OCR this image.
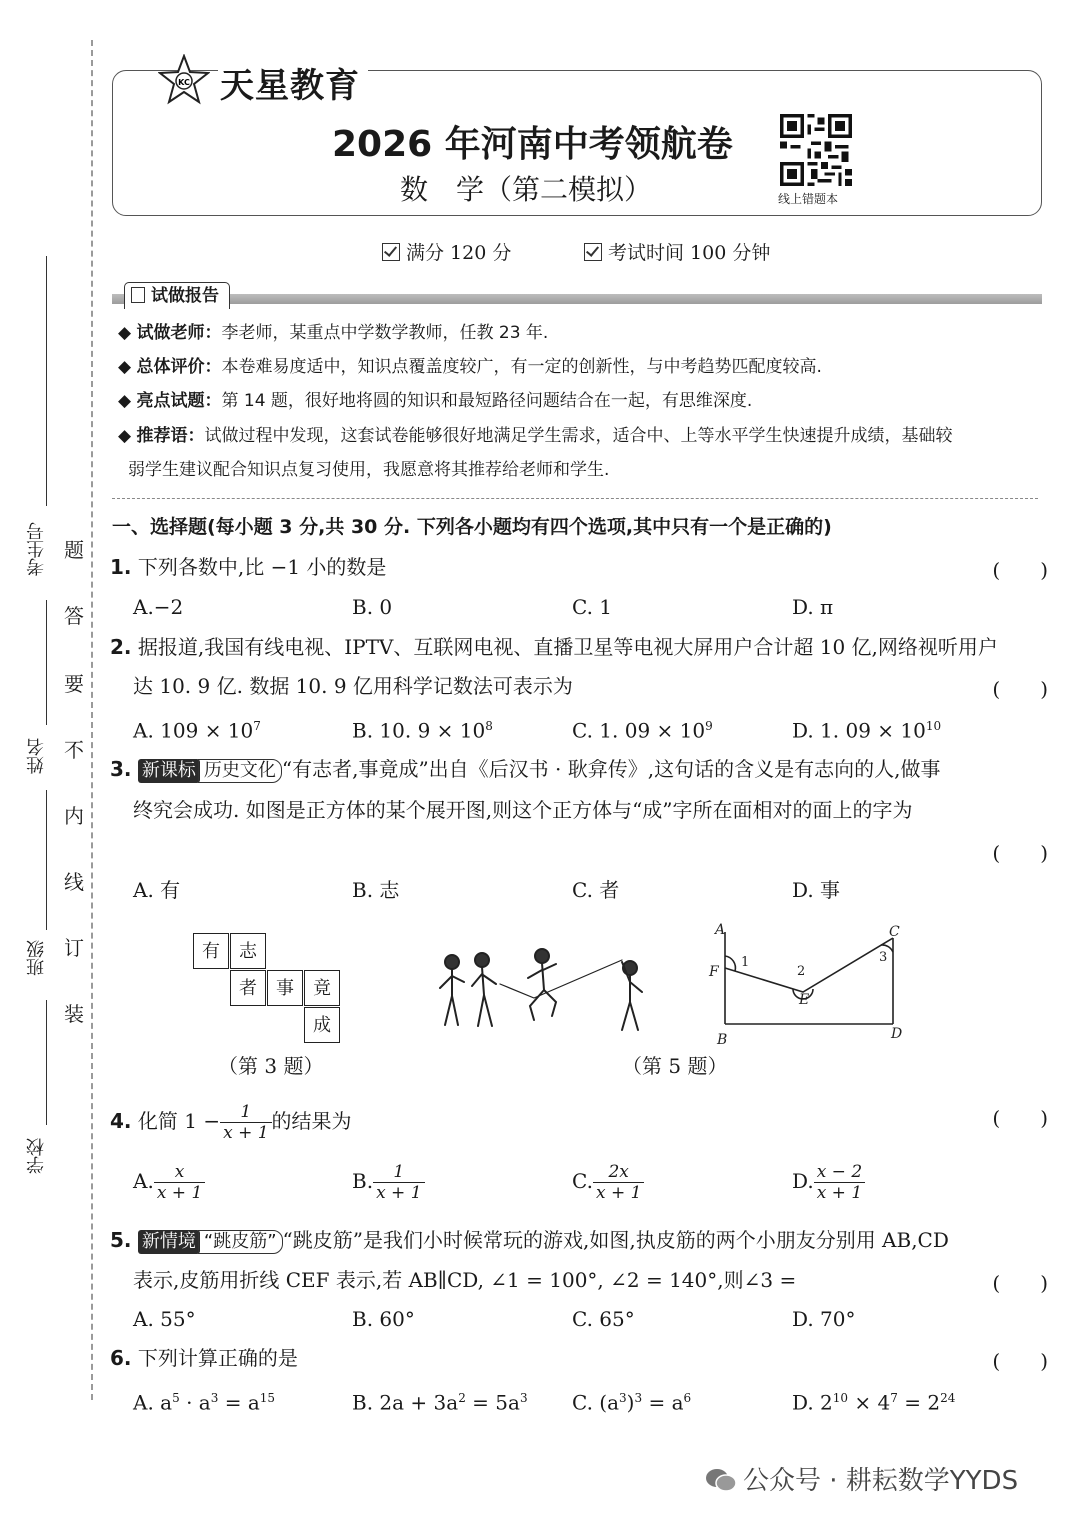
考生号
姓名
班级
学校
题
答
要
不
内
线
订
装
KC 天星教育
2026 年河南中考领航卷
数　学（第二模拟）	线上错题本
满分 120 分	考试时间 100 分钟
试做报告
◆ 试做老师：李老师，某重点中学数学教师，任教 23 年.
◆ 总体评价：本卷难易度适中，知识点覆盖度较广，有一定的创新性，与中考趋势匹配度较高.
◆ 亮点试题：第 14 题，很好地将圆的知识和最短路径问题结合在一起，有思维深度.
◆ 推荐语：试做过程中发现，这套试卷能够很好地满足学生需求，适合中、上等水平学生快速提升成绩，基础较
弱学生建议配合知识点复习使用，我愿意将其推荐给老师和学生.
一、选择题(每小题 3 分,共 30 分. 下列各小题均有四个选项,其中只有一个是正确的)
1. 下列各数中,比 −1 小的数是	(　　)
A.−2	B. 0	C. 1	D. π
2. 据报道,我国有线电视、IPTV、互联网电视、直播卫星等电视大屏用户合计超 10 亿,网络视听用户
达 10. 9 亿. 数据 10. 9 亿用科学记数法可表示为	(　　)
A. $109 \times 10^7$	B. 10. $9 \times 10^8$	C. 1. $09 \times 10^9$	D. 1. $09 \times 10^{10}$
3. 新课标 历史文化 “有志者,事竟成”出自《后汉书 · 耿弇传》,这句话的含义是有志向的人,做事
终究会成功. 如图是正方体的某个展开图,则这个正方体与“成”字所在面相对的面上的字为
(　　)
A. 有	B. 志	C. 者	D. 事
有	志
者	事	竟
成
（第 3 题）	（第 5 题）
A
B
C
D
E
F
1
2
3
4. 化简 $1 - \frac{1}{x + 1}$ 的结果为	(　　)
A. $\frac{x}{x + 1}$	B. $\frac{1}{x + 1}$	C. $\frac{2x}{x + 1}$	D. $\frac{x - 2}{x + 1}$
5. 新情境 “跳皮筋” “跳皮筋”是我们小时候常玩的游戏,如图,执皮筋的两个小朋友分别用 AB,CD
表示,皮筋用折线 CEF 表示,若 AB∥CD, ∠1 = 100°, ∠2 = 140°,则∠3 =	(　　)
A. 55°	B. 60°	C. 65°	D. 70°
6. 下列计算正确的是	(　　)
A. $a^5 \cdot a^3 = a^{15}$	B. $2a + 3a^2 = 5a^3$ C. $(a^3)^3 = a^6$	D. $2^{10} \times 4^7 = 2^{24}$
公众号 · 耕耘数学YYDS
